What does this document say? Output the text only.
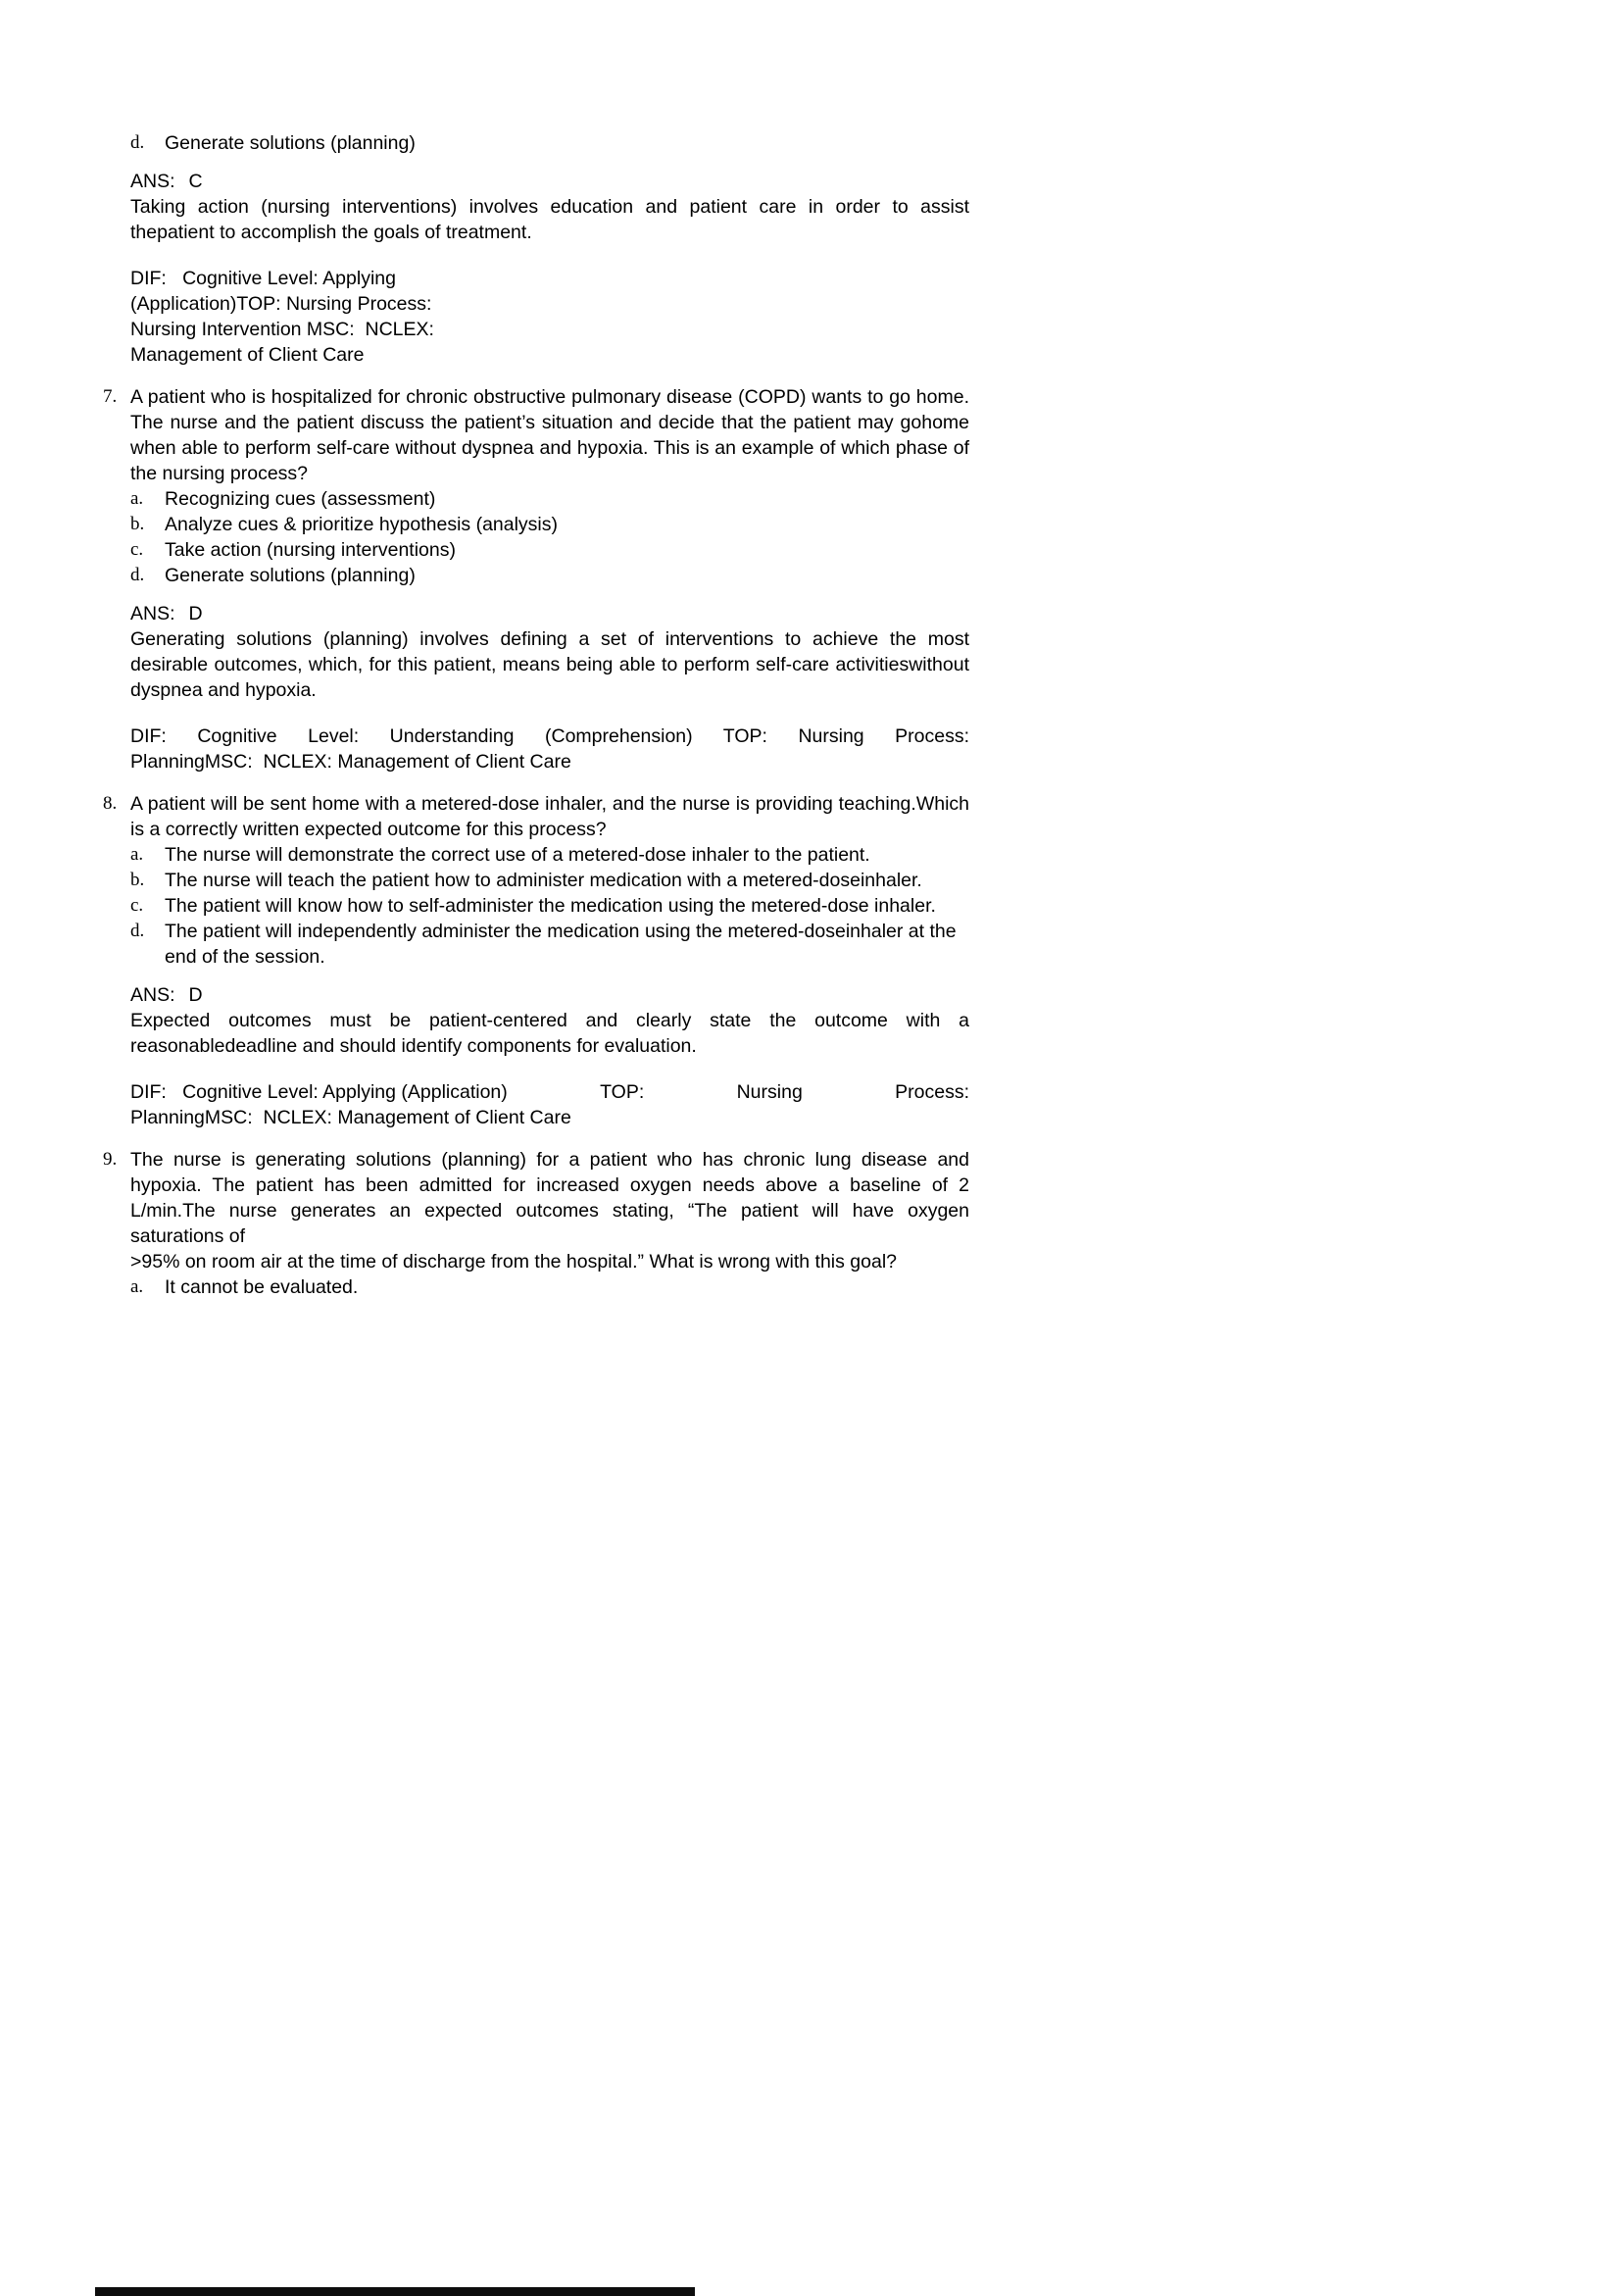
d.	Generate solutions (planning)
ANS: C
Taking action (nursing interventions) involves education and patient care in order to assist thepatient to accomplish the goals of treatment.
DIF:   Cognitive Level: Applying
(Application)TOP: Nursing Process:
Nursing Intervention MSC:  NCLEX:
Management of Client Care
7. A patient who is hospitalized for chronic obstructive pulmonary disease (COPD) wants to go home. The nurse and the patient discuss the patient’s situation and decide that the patient may gohome when able to perform self-care without dyspnea and hypoxia. This is an example of which phase of the nursing process?
a.	Recognizing cues (assessment)
b.	Analyze cues & prioritize hypothesis (analysis)
c.	Take action (nursing interventions)
d.	Generate solutions (planning)
ANS: D
Generating solutions (planning) involves defining a set of interventions to achieve the most desirable outcomes, which, for this patient, means being able to perform self-care activitieswithout dyspnea and hypoxia.
DIF: Cognitive Level: Understanding (Comprehension) TOP: Nursing Process:
PlanningMSC:  NCLEX: Management of Client Care
8. A patient will be sent home with a metered-dose inhaler, and the nurse is providing teaching.Which is a correctly written expected outcome for this process?
a.	The nurse will demonstrate the correct use of a metered-dose inhaler to the patient.
b.	The nurse will teach the patient how to administer medication with a metered-doseinhaler.
c.	The patient will know how to self-administer the medication using the metered-dose inhaler.
d.	The patient will independently administer the medication using the metered-doseinhaler at the end of the session.
ANS: D
Expected outcomes must be patient-centered and clearly state the outcome with a reasonabledeadline and should identify components for evaluation.
DIF:   Cognitive Level: Applying (Application)	TOP:	Nursing	Process:
PlanningMSC:  NCLEX: Management of Client Care
9. The nurse is generating solutions (planning) for a patient who has chronic lung disease and hypoxia. The patient has been admitted for increased oxygen needs above a baseline of 2 L/min.The nurse generates an expected outcomes stating, “The patient will have oxygen saturations of
>95% on room air at the time of discharge from the hospital.” What is wrong with this goal?
a.	It cannot be evaluated.
